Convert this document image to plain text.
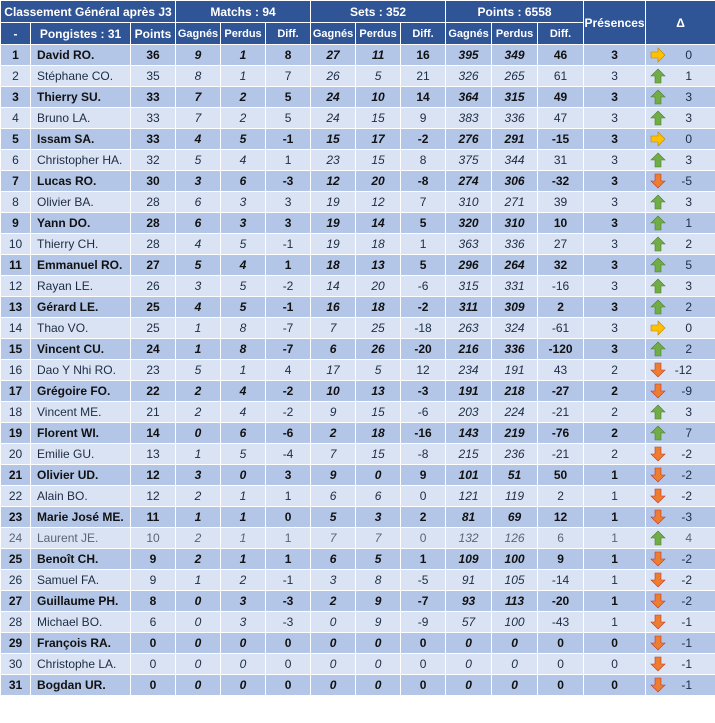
Classement Général après J3			Matchs : 94			Sets : 352			Points : 6558			Présences	Δ
-	Pongistes : 31	Points	Gagnés	Perdus	Diff.	Gagnés	Perdus	Diff.	Gagnés	Perdus	Diff.		
1	David RO.	36	9	1	8	27	11	16	395	349	46	3	0
2	Stéphane CO.	35	8	1	7	26	5	21	326	265	61	3	1
3	Thierry SU.	33	7	2	5	24	10	14	364	315	49	3	3
4	Bruno LA.	33	7	2	5	24	15	9	383	336	47	3	3
5	Issam SA.	33	4	5	-1	15	17	-2	276	291	-15	3	0
6	Christopher HA.	32	5	4	1	23	15	8	375	344	31	3	3
7	Lucas RO.	30	3	6	-3	12	20	-8	274	306	-32	3	-5
8	Olivier BA.	28	6	3	3	19	12	7	310	271	39	3	3
9	Yann DO.	28	6	3	3	19	14	5	320	310	10	3	1
10	Thierry CH.	28	4	5	-1	19	18	1	363	336	27	3	2
11	Emmanuel RO.	27	5	4	1	18	13	5	296	264	32	3	5
12	Rayan LE.	26	3	5	-2	14	20	-6	315	331	-16	3	3
13	Gérard LE.	25	4	5	-1	16	18	-2	311	309	2	3	2
14	Thao VO.	25	1	8	-7	7	25	-18	263	324	-61	3	0
15	Vincent CU.	24	1	8	-7	6	26	-20	216	336	-120	3	2
16	Dao Y Nhi RO.	23	5	1	4	17	5	12	234	191	43	2	-12
17	Grégoire FO.	22	2	4	-2	10	13	-3	191	218	-27	2	-9
18	Vincent ME.	21	2	4	-2	9	15	-6	203	224	-21	2	3
19	Florent WI.	14	0	6	-6	2	18	-16	143	219	-76	2	7
20	Emilie GU.	13	1	5	-4	7	15	-8	215	236	-21	2	-2
21	Olivier UD.	12	3	0	3	9	0	9	101	51	50	1	-2
22	Alain BO.	12	2	1	1	6	6	0	121	119	2	1	-2
23	Marie José ME.	11	1	1	0	5	3	2	81	69	12	1	-3
24	Laurent JE.	10	2	1	1	7	7	0	132	126	6	1	4
25	Benoît CH.	9	2	1	1	6	5	1	109	100	9	1	-2
26	Samuel FA.	9	1	2	-1	3	8	-5	91	105	-14	1	-2
27	Guillaume PH.	8	0	3	-3	2	9	-7	93	113	-20	1	-2
28	Michael BO.	6	0	3	-3	0	9	-9	57	100	-43	1	-1
29	François RA.	0	0	0	0	0	0	0	0	0	0	0	-1
30	Christophe LA.	0	0	0	0	0	0	0	0	0	0	0	-1
31	Bogdan UR.	0	0	0	0	0	0	0	0	0	0	0	-1
